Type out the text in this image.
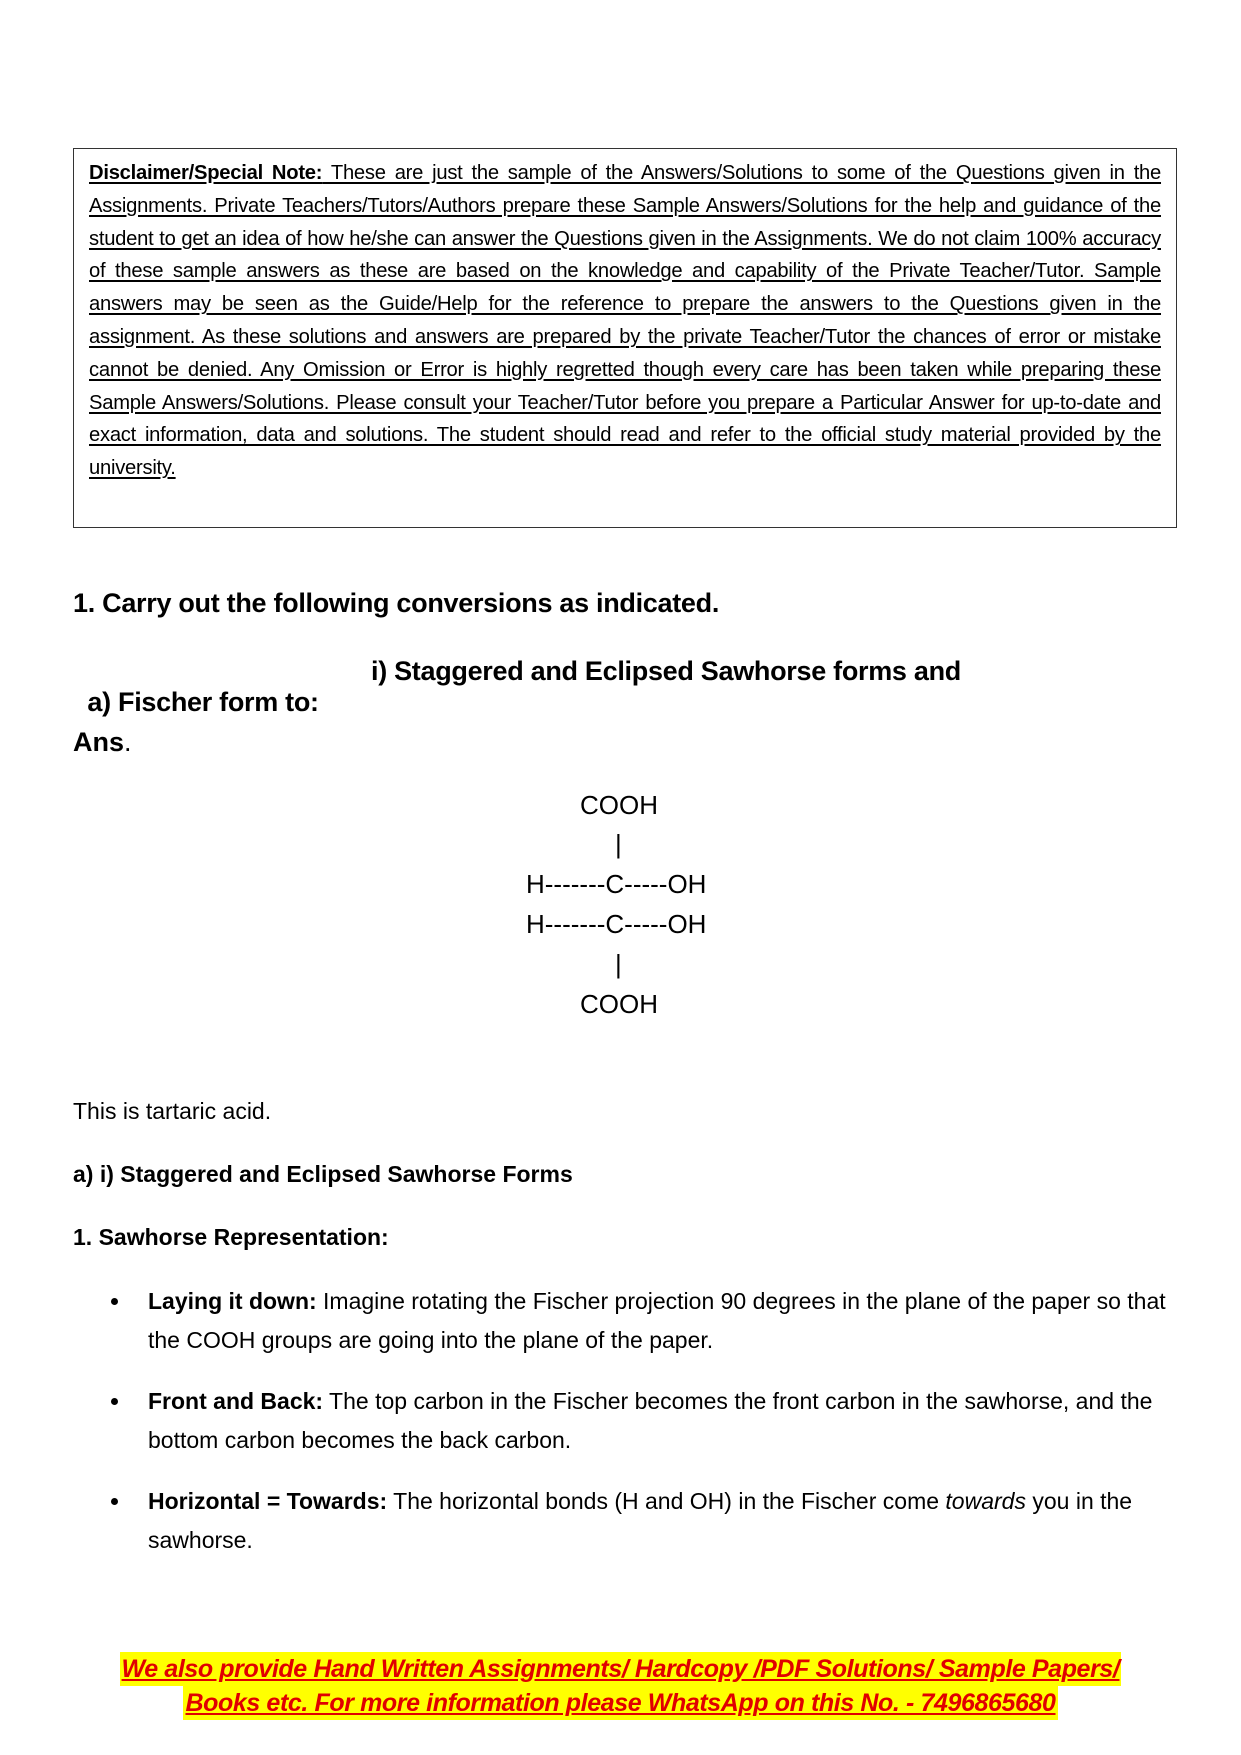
Disclaimer/Special Note: These are just the sample of the Answers/Solutions to some of the Questions given in the Assignments. Private Teachers/Tutors/Authors prepare these Sample Answers/Solutions for the help and guidance of the student to get an idea of how he/she can answer the Questions given in the Assignments. We do not claim 100% accuracy of these sample answers as these are based on the knowledge and capability of the Private Teacher/Tutor. Sample answers may be seen as the Guide/Help for the reference to prepare the answers to the Questions given in the assignment. As these solutions and answers are prepared by the private Teacher/Tutor the chances of error or mistake cannot be denied. Any Omission or Error is highly regretted though every care has been taken while preparing these Sample Answers/Solutions. Please consult your Teacher/Tutor before you prepare a Particular Answer for up-to-date and exact information, data and solutions. The student should read and refer to the official study material provided by the university.

1. Carry out the following conversions as indicated.

a) Fischer form to:

i) Staggered and Eclipsed Sawhorse forms and

Ans.

COOH
|
H-------C-----OH
H-------C-----OH
|
COOH

This is tartaric acid.

a) i) Staggered and Eclipsed Sawhorse Forms

1. Sawhorse Representation:

Laying it down: Imagine rotating the Fischer projection 90 degrees in the plane of the paper so that the COOH groups are going into the plane of the paper.
Front and Back: The top carbon in the Fischer becomes the front carbon in the sawhorse, and the bottom carbon becomes the back carbon.
Horizontal = Towards: The horizontal bonds (H and OH) in the Fischer come towards you in the sawhorse.
We also provide Hand Written Assignments/ Hardcopy /PDF Solutions/ Sample Papers/
Books etc. For more information please WhatsApp on this No. - 7496865680
